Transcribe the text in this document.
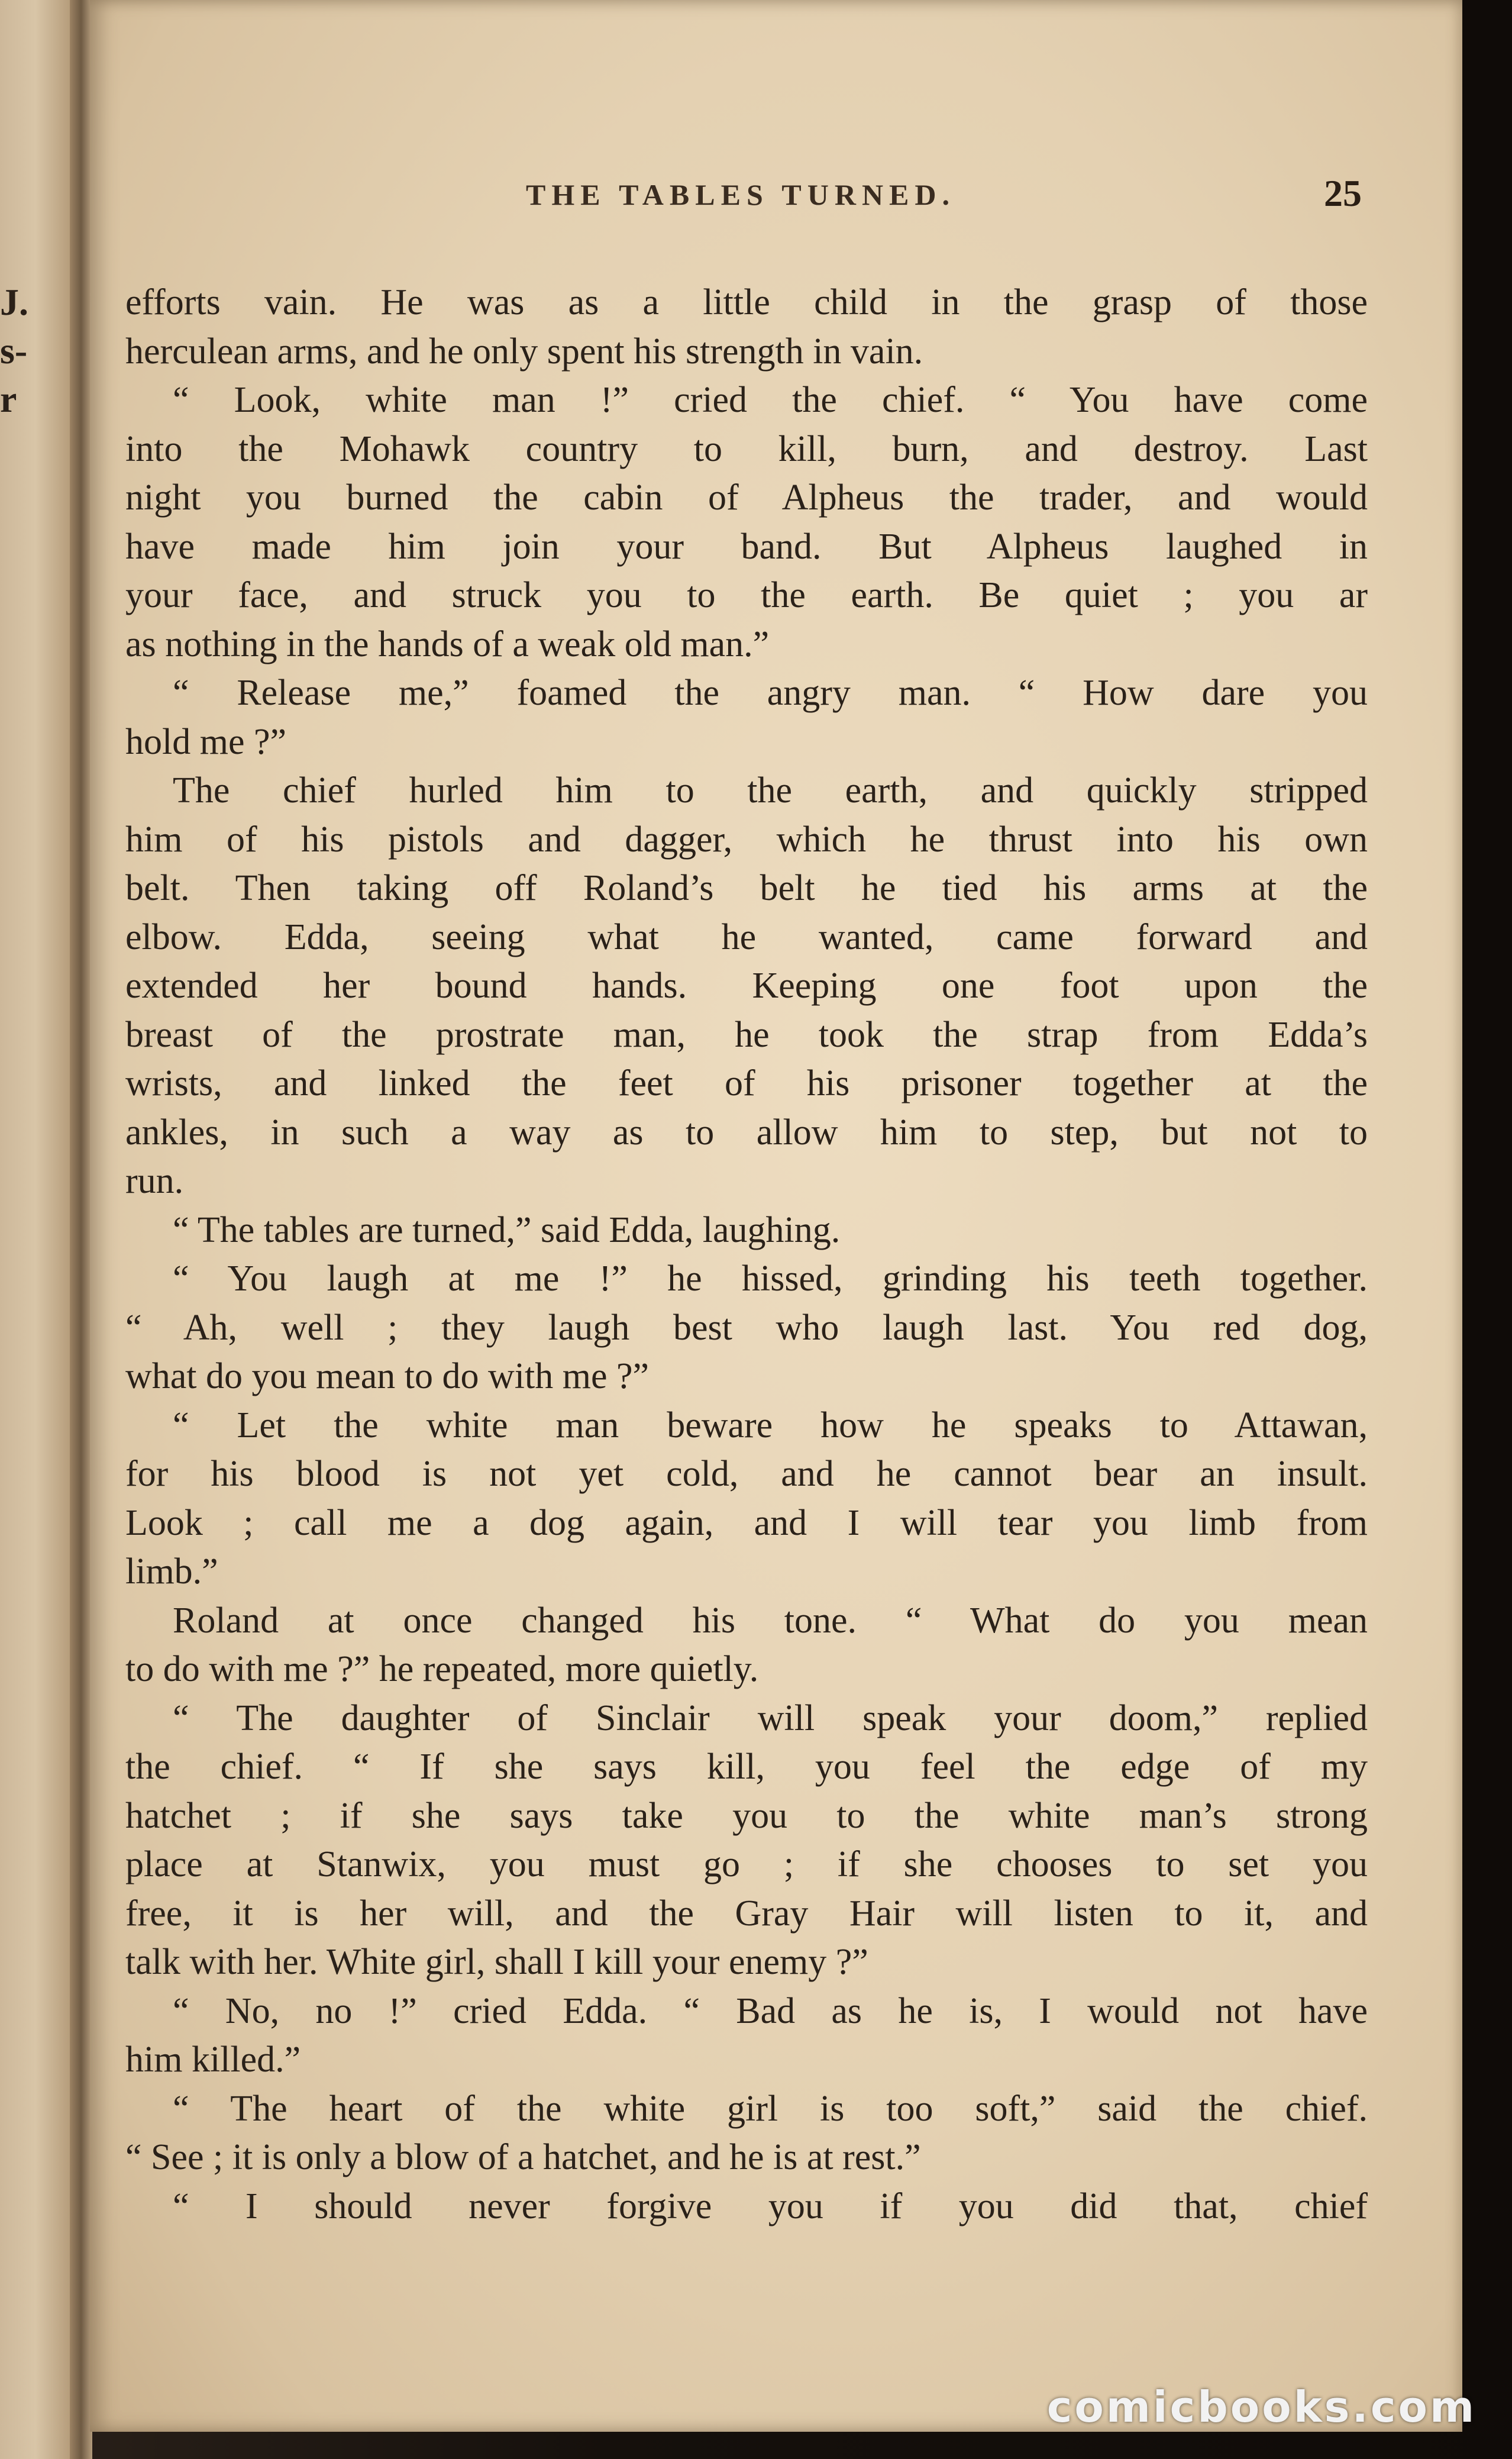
J.
s-
r
THE TABLES TURNED.	25
efforts vain. He was as a little child in the grasp of those
herculean arms, and he only spent his strength in vain.
“ Look, white man !” cried the chief. “ You have come
into the Mohawk country to kill, burn, and destroy. Last
night you burned the cabin of Alpheus the trader, and would
have made him join your band. But Alpheus laughed in
your face, and struck you to the earth. Be quiet ; you ar
as nothing in the hands of a weak old man.”
“ Release me,” foamed the angry man. “ How dare you
hold me ?”
The chief hurled him to the earth, and quickly stripped
him of his pistols and dagger, which he thrust into his own
belt. Then taking off Roland’s belt he tied his arms at the
elbow. Edda, seeing what he wanted, came forward and
extended her bound hands. Keeping one foot upon the
breast of the prostrate man, he took the strap from Edda’s
wrists, and linked the feet of his prisoner together at the
ankles, in such a way as to allow him to step, but not to
run.
“ The tables are turned,” said Edda, laughing.
“ You laugh at me !” he hissed, grinding his teeth together.
“ Ah, well ; they laugh best who laugh last. You red dog,
what do you mean to do with me ?”
“ Let the white man beware how he speaks to Attawan,
for his blood is not yet cold, and he cannot bear an insult.
Look ; call me a dog again, and I will tear you limb from
limb.”
Roland at once changed his tone. “ What do you mean
to do with me ?” he repeated, more quietly.
“ The daughter of Sinclair will speak your doom,” replied
the chief. “ If she says kill, you feel the edge of my
hatchet ; if she says take you to the white man’s strong
place at Stanwix, you must go ; if she chooses to set you
free, it is her will, and the Gray Hair will listen to it, and
talk with her. White girl, shall I kill your enemy ?”
“ No, no !” cried Edda. “ Bad as he is, I would not have
him killed.”
“ The heart of the white girl is too soft,” said the chief.
“ See ; it is only a blow of a hatchet, and he is at rest.”
“ I should never forgive you if you did that, chief
comicbooks.com
